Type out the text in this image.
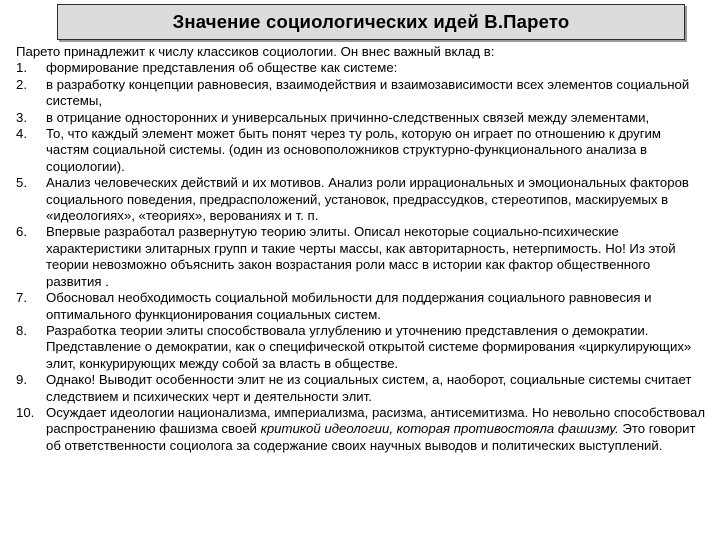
Значение социологических идей В.Парето

Парето принадлежит к числу классиков социологии. Он внес важный вклад в:

1.	формирование представления об обществе как системе:
2.	в разработку концепции равновесия, взаимодействия и взаимозависимости всех элементов социальной системы,
3.	в отрицание односторонних и универсальных причинно-следственных связей между элементами,
4.	То, что каждый элемент может быть понят через ту роль, которую он играет по отношению к другим частям социальной системы. (один из основоположников структурно-функционального анализа в социологии).
5.	Анализ человеческих действий и их мотивов. Анализ роли иррациональных и эмоциональных факторов социального поведения, предрасположений, установок, предрассудков, стереотипов, маскируемых в «идеологиях», «теориях», верованиях и т. п.
6.	Впервые разработал развернутую теорию элиты. Описал некоторые социально-психические характеристики элитарных групп и такие черты массы, как авторитарность, нетерпимость. Но! Из этой теории невозможно объяснить закон возрастания роли масс в истории как фактор общественного развития .
7.	Обосновал необходимость социальной мобильности для поддержания социального равновесия и оптимального функционирования социальных систем.
8.	Разработка теории элиты способствовала углублению и уточнению представления о демократии. Представление о демократии, как о специфической открытой системе формирования «циркулирующих» элит, конкурирующих между собой за власть в обществе.
9.	Однако! Выводит особенности элит не из социальных систем, а, наоборот, социальные системы считает следствием и психических черт и деятельности элит.
10. Осуждает идеологии национализма, империализма, расизма, антисемитизма. Но невольно способствовал распространению фашизма своей критикой идеологии, которая противостояла фашизму. Это говорит об ответственности социолога за содержание своих научных выводов и политических выступлений.
